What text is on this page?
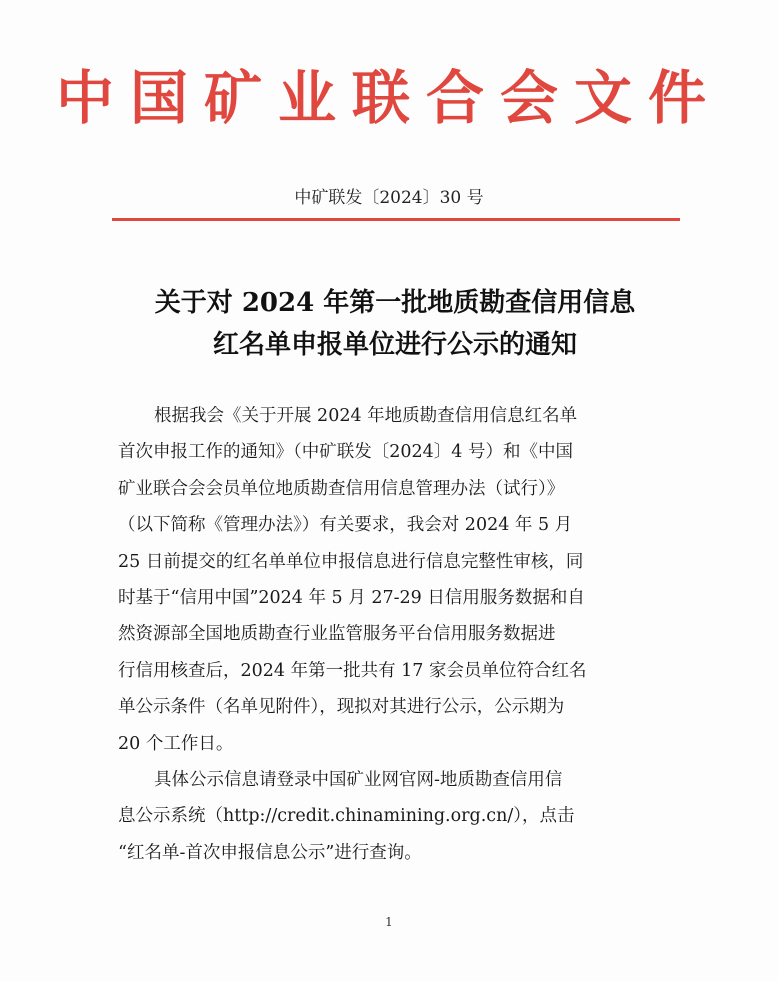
中国矿业联合会文件
中矿联发〔2024〕30 号
关于对 2024 年第一批地质勘查信用信息
红名单申报单位进行公示的通知
根据我会《关于开展 2024 年地质勘查信用信息红名单
首次申报工作的通知》（中矿联发〔2024〕4 号）和《中国
矿业联合会会员单位地质勘查信用信息管理办法（试行）》
（以下简称《管理办法》）有关要求，我会对 2024 年 5 月
25 日前提交的红名单单位申报信息进行信息完整性审核，同
时基于“信用中国”2024 年 5 月 27-29 日信用服务数据和自
然资源部全国地质勘查行业监管服务平台信用服务数据进
行信用核查后，2024 年第一批共有 17 家会员单位符合红名
单公示条件（名单见附件），现拟对其进行公示，公示期为
20 个工作日。
具体公示信息请登录中国矿业网官网-地质勘查信用信
息公示系统（http://credit.chinamining.org.cn/），点击
“红名单-首次申报信息公示”进行查询。
1
